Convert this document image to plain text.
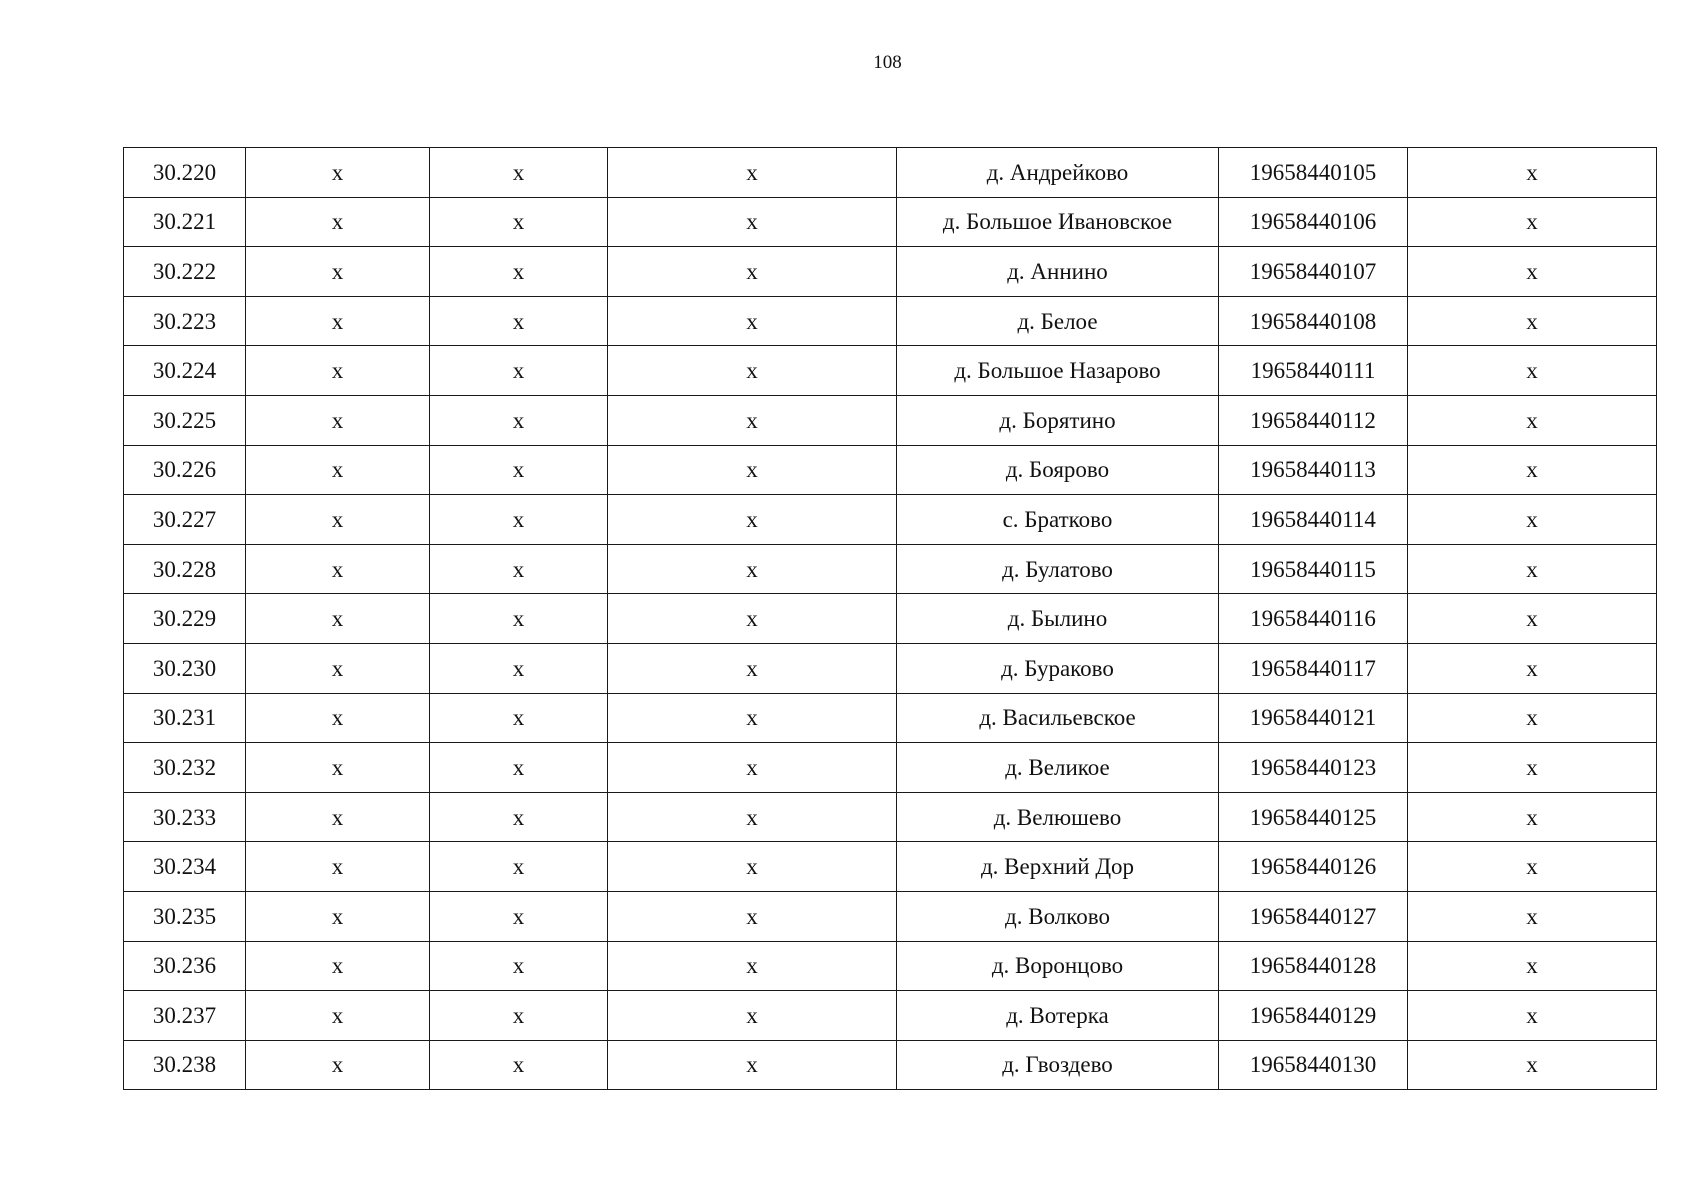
108
30.220	х	х	х	д. Андрейково	19658440105	х
30.221	х	х	х	д. Большое Ивановское	19658440106	х
30.222	х	х	х	д. Аннино	19658440107	х
30.223	х	х	х	д. Белое	19658440108	х
30.224	х	х	х	д. Большое Назарово	19658440111	х
30.225	х	х	х	д. Борятино	19658440112	х
30.226	х	х	х	д. Боярово	19658440113	х
30.227	х	х	х	с. Братково	19658440114	х
30.228	х	х	х	д. Булатово	19658440115	х
30.229	х	х	х	д. Былино	19658440116	х
30.230	х	х	х	д. Бураково	19658440117	х
30.231	х	х	х	д. Васильевское	19658440121	х
30.232	х	х	х	д. Великое	19658440123	х
30.233	х	х	х	д. Велюшево	19658440125	х
30.234	х	х	х	д. Верхний Дор	19658440126	х
30.235	х	х	х	д. Волково	19658440127	х
30.236	х	х	х	д. Воронцово	19658440128	х
30.237	х	х	х	д. Вотерка	19658440129	х
30.238	х	х	х	д. Гвоздево	19658440130	х
